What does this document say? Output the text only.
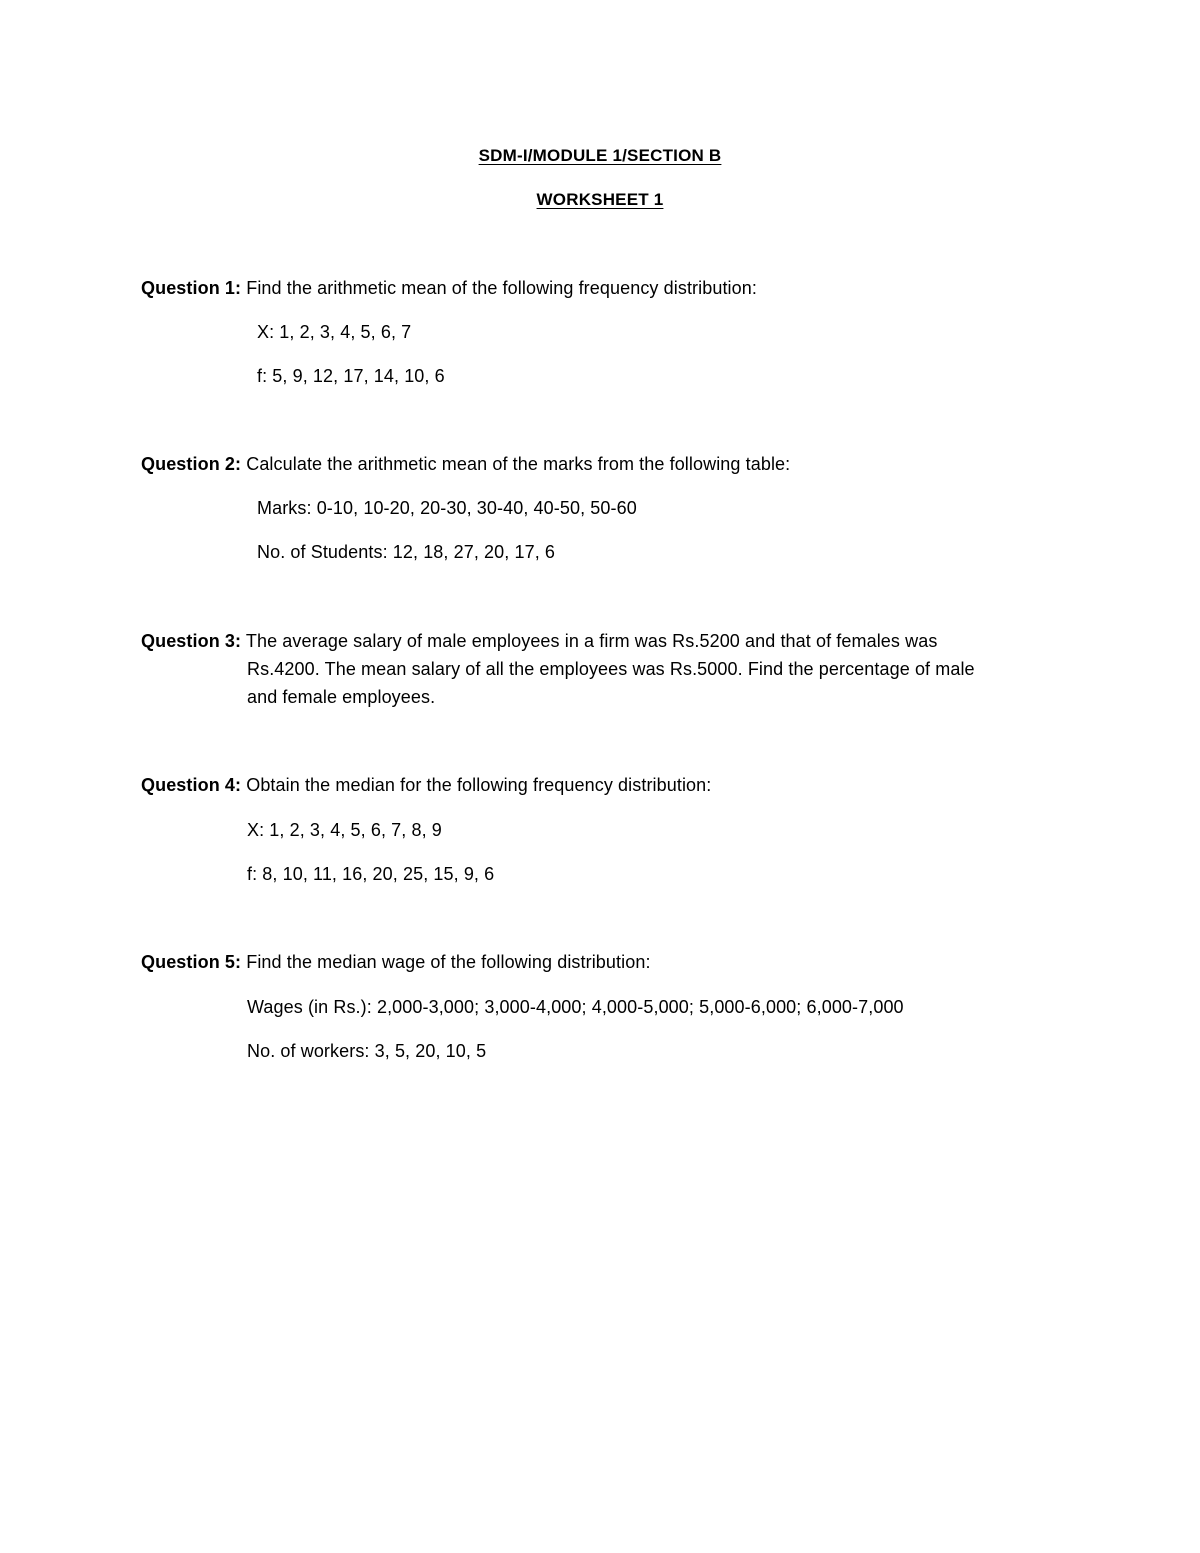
SDM-I/MODULE 1/SECTION B
WORKSHEET 1
Question 1: Find the arithmetic mean of the following frequency distribution:
X: 1, 2, 3, 4, 5, 6, 7
f: 5, 9, 12, 17, 14, 10, 6
Question 2: Calculate the arithmetic mean of the marks from the following table:
Marks: 0-10, 10-20, 20-30, 30-40, 40-50, 50-60
No. of Students: 12, 18, 27, 20, 17, 6
Question 3: The average salary of male employees in a firm was Rs.5200 and that of females was
Rs.4200. The mean salary of all the employees was Rs.5000. Find the percentage of male
and female employees.
Question 4: Obtain the median for the following frequency distribution:
X: 1, 2, 3, 4, 5, 6, 7, 8, 9
f: 8, 10, 11, 16, 20, 25, 15, 9, 6
Question 5: Find the median wage of the following distribution:
Wages (in Rs.): 2,000-3,000; 3,000-4,000; 4,000-5,000; 5,000-6,000; 6,000-7,000
No. of workers: 3, 5, 20, 10, 5
